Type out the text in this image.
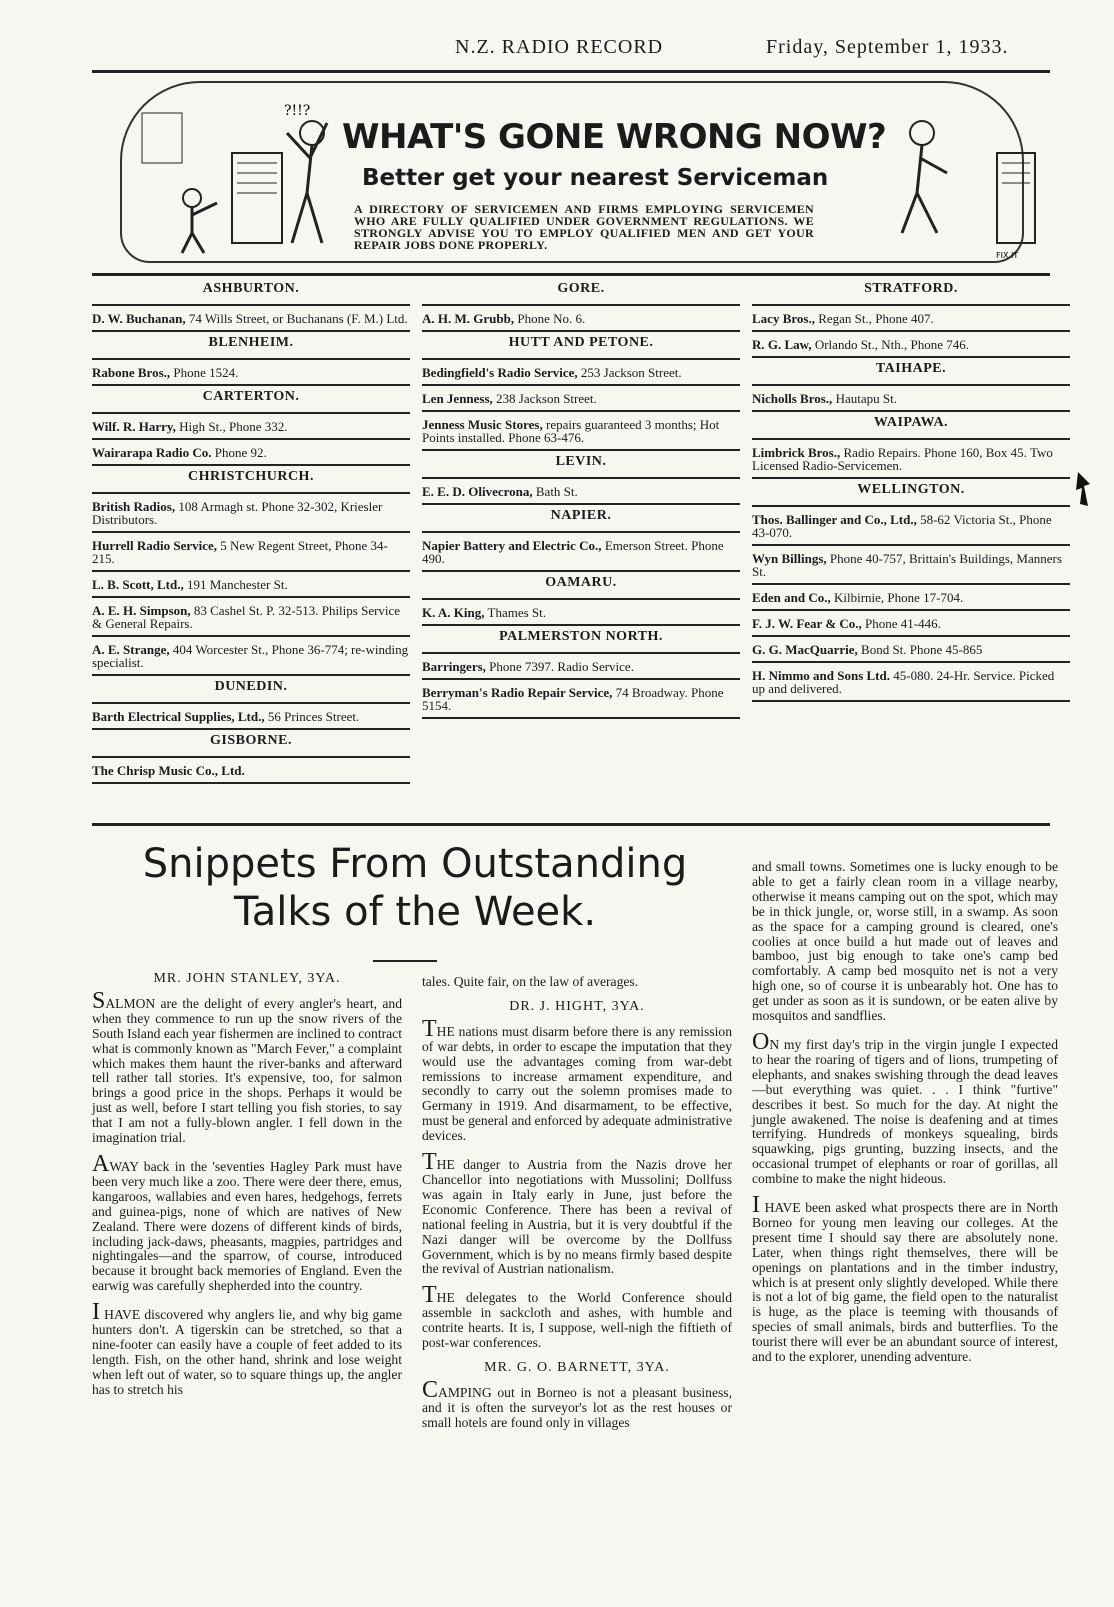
N.Z. RADIO RECORD	Friday, September 1, 1933.
?!!?
WHAT'S GONE WRONG NOW?
Better get your nearest Serviceman
A DIRECTORY OF SERVICEMEN AND FIRMS EMPLOYING SERVICEMEN WHO ARE FULLY QUALIFIED UNDER GOVERNMENT REGULATIONS. WE STRONGLY ADVISE YOU TO EMPLOY QUALIFIED MEN AND GET YOUR REPAIR JOBS DONE PROPERLY.
FIX IT
ASHBURTON.
D. W. Buchanan, 74 Wills Street, or Buchanans (F. M.) Ltd.
BLENHEIM.
Rabone Bros., Phone 1524.
CARTERTON.
Wilf. R. Harry, High St., Phone 332.
Wairarapa Radio Co. Phone 92.
CHRISTCHURCH.
British Radios, 108 Armagh st. Phone 32-302, Kriesler Distributors.
Hurrell Radio Service, 5 New Regent Street, Phone 34-215.
L. B. Scott, Ltd., 191 Manchester St.
A. E. H. Simpson, 83 Cashel St. P. 32-513. Philips Service & General Repairs.
A. E. Strange, 404 Worcester St., Phone 36-774; re-winding specialist.
DUNEDIN.
Barth Electrical Supplies, Ltd., 56 Princes Street.
GISBORNE.
The Chrisp Music Co., Ltd.
GORE.
A. H. M. Grubb, Phone No. 6.
HUTT AND PETONE.
Bedingfield's Radio Service, 253 Jackson Street.
Len Jenness, 238 Jackson Street.
Jenness Music Stores, repairs guaranteed 3 months; Hot Points installed. Phone 63-476.
LEVIN.
E. E. D. Olivecrona, Bath St.
NAPIER.
Napier Battery and Electric Co., Emerson Street. Phone 490.
OAMARU.
K. A. King, Thames St.
PALMERSTON NORTH.
Barringers, Phone 7397. Radio Service.
Berryman's Radio Repair Service, 74 Broadway. Phone 5154.
STRATFORD.
Lacy Bros., Regan St., Phone 407.
R. G. Law, Orlando St., Nth., Phone 746.
TAIHAPE.
Nicholls Bros., Hautapu St.
WAIPAWA.
Limbrick Bros., Radio Repairs. Phone 160, Box 45. Two Licensed Radio-Servicemen.
WELLINGTON.
Thos. Ballinger and Co., Ltd., 58-62 Victoria St., Phone 43-070.
Wyn Billings, Phone 40-757, Brittain's Buildings, Manners St.
Eden and Co., Kilbirnie, Phone 17-704.
F. J. W. Fear & Co., Phone 41-446.
G. G. MacQuarrie, Bond St. Phone 45-865
H. Nimmo and Sons Ltd. 45-080. 24-Hr. Service. Picked up and delivered.
Snippets From Outstanding
Talks of the Week.
MR. JOHN STANLEY, 3YA.
SALMON are the delight of every angler's heart, and when they commence to run up the snow rivers of the South Island each year fishermen are inclined to contract what is commonly known as "March Fever," a complaint which makes them haunt the river-banks and afterward tell rather tall stories. It's expensive, too, for salmon brings a good price in the shops. Perhaps it would be just as well, before I start telling you fish stories, to say that I am not a fully-blown angler. I fell down in the imagination trial.
AWAY back in the 'seventies Hagley Park must have been very much like a zoo. There were deer there, emus, kangaroos, wallabies and even hares, hedgehogs, ferrets and guinea-pigs, none of which are natives of New Zealand. There were dozens of different kinds of birds, including jack-daws, pheasants, magpies, partridges and nightingales—and the sparrow, of course, introduced because it brought back memories of England. Even the earwig was carefully shepherded into the country.
I HAVE discovered why anglers lie, and why big game hunters don't. A tigerskin can be stretched, so that a nine-footer can easily have a couple of feet added to its length. Fish, on the other hand, shrink and lose weight when left out of water, so to square things up, the angler has to stretch his
tales. Quite fair, on the law of averages.
DR. J. HIGHT, 3YA.
THE nations must disarm before there is any remission of war debts, in order to escape the imputation that they would use the advantages coming from war-debt remissions to increase armament expenditure, and secondly to carry out the solemn promises made to Germany in 1919. And disarmament, to be effective, must be general and enforced by adequate administrative devices.
THE danger to Austria from the Nazis drove her Chancellor into negotiations with Mussolini; Dollfuss was again in Italy early in June, just before the Economic Conference. There has been a revival of national feeling in Austria, but it is very doubtful if the Nazi danger will be overcome by the Dollfuss Government, which is by no means firmly based despite the revival of Austrian nationalism.
THE delegates to the World Conference should assemble in sackcloth and ashes, with humble and contrite hearts. It is, I suppose, well-nigh the fiftieth of post-war conferences.
MR. G. O. BARNETT, 3YA.
CAMPING out in Borneo is not a pleasant business, and it is often the surveyor's lot as the rest houses or small hotels are found only in villages
and small towns. Sometimes one is lucky enough to be able to get a fairly clean room in a village nearby, otherwise it means camping out on the spot, which may be in thick jungle, or, worse still, in a swamp. As soon as the space for a camping ground is cleared, one's coolies at once build a hut made out of leaves and bamboo, just big enough to take one's camp bed comfortably. A camp bed mosquito net is not a very high one, so of course it is unbearably hot. One has to get under as soon as it is sundown, or be eaten alive by mosquitos and sandflies.
ON my first day's trip in the virgin jungle I expected to hear the roaring of tigers and of lions, trumpeting of elephants, and snakes swishing through the dead leaves—but everything was quiet. . . I think "furtive" describes it best. So much for the day. At night the jungle awakened. The noise is deafening and at times terrifying. Hundreds of monkeys squealing, birds squawking, pigs grunting, buzzing insects, and the occasional trumpet of elephants or roar of gorillas, all combine to make the night hideous.
I HAVE been asked what prospects there are in North Borneo for young men leaving our colleges. At the present time I should say there are absolutely none. Later, when things right themselves, there will be openings on plantations and in the timber industry, which is at present only slightly developed. While there is not a lot of big game, the field open to the naturalist is huge, as the place is teeming with thousands of species of small animals, birds and butterflies. To the tourist there will ever be an abundant source of interest, and to the explorer, unending adventure.
